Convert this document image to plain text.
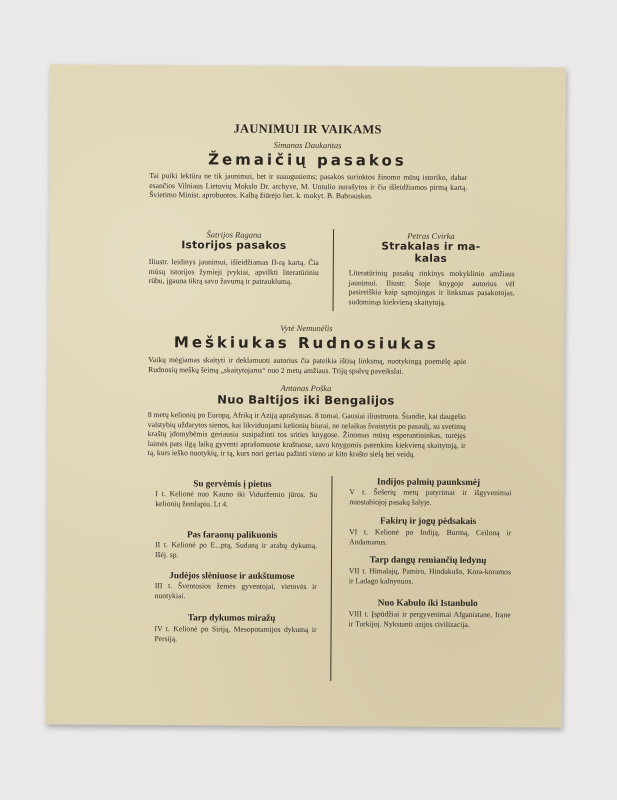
JAUNIMUI IR VAIKAMS
Simanas Daukantas
Žemaičių pasakos
Tai puiki lektūra ne tik jaunimui, bet ir suaugusiems; pasakos surinktos žinomo mūsų istoriko, dabar esančios Vilniaus Lietuvių Mokslo Dr. archyve, M. Untulio nurašytos ir čia išleidžiamos pirmą kartą. Švietimo Minist. aprobuotos. Kalbą žiūrėjo liet. k. mokyt. B. Babrauskas.
Šatrijos Ragana
Istorijos pasakos
Iliustr. leidinys jaunimui, išleidžiamas II-rą kartą. Čia mūsų istorijos žymieji įvykiai, apvilkti literatūriniu rūbu, įgauna tikrą savo žavumą ir patrauklumą.
Petras Cvirka
Strakalas ir ma-
kalas
Literatūrinių pasakų rinkinys mokyklinio amžiaus jaunimui. Iliustr. Šioje knygoje autorius vėl pasireiškia kaip sąmojingas ir linksmas pasakotojas, sudominąs kiekvieną skaitytoją.
Vytė Nemunėlis
Meškiukas Rudnosiukas
Vaikų mėgiamas skaityti ir deklamuoti autorius čia pateikia ištisą linksmą, nuotykingą poemėlę apie Rudnosių meškų šeimą „skaitytojams“ nuo 2 metų amžiaus. Trijų spalvų paveikslai.
Antanas Poška
Nuo Baltijos iki Bengalijos
8 metų kelionių po Europą, Afriką ir Aziją aprašymas. 8 tomai. Gausiai iliustruota. Šiandie, kai daugelio valstybių uždarytos sienos, kai likviduojami kelionių biurai, ne nelaikas švaistytis po pasaulį, su svetimų kraštų įdomybėmis geriausia susipažinti tos srities knygose. Žinomas mūsų esperantininkas, turėjęs laimės pats ilgą laiką gyventi aprašomuose kraštuose, savo knygomis patenkins kiekvieną skaitytoją, ir tą, kurs ieško nuotykių, ir tą, kurs nori geriau pažinti vieno ar kito krašto sielą bei veidą.
Su gervėmis į pietus
I t. Kelionė nuo Kauno iki Viduržemio jūros. Su kelionių žemlapiu. Lt 4.
Pas faraonų palikuonis
II t. Kelionė po E...ptą, Sudaną ir arabų dykumą. Išėj. sp.
Judėjos slėniuose ir aukštumose
III t. Šventosios žemės gyventojai, vietovės ir nuotykiai.
Tarp dykumos miražų
IV t. Kelionė po Siriją, Mesopotamijos dykumą ir Persiją.
Indijos palmių paunksmėj
V t. Šešerių metų patyrimai ir išgyvenimai nuostabiojoj pasakų šalyje.
Fakirų ir jogų pėdsakais
VI t. Kelionė po Indiją, Burmą, Ceiloną ir Andamanus.
Tarp dangų remiančių ledynų
VII t. Himalajų, Pamiro, Hindukušo, Kora-koramos ir Ladago kalnynuos.
Nuo Kabulo iki Istanbulo
VIII t. Įspūdžiai ir pergyvenimai Afganistane, Irane ir Turkijoj. Nykstanti azijos civilizacija.
